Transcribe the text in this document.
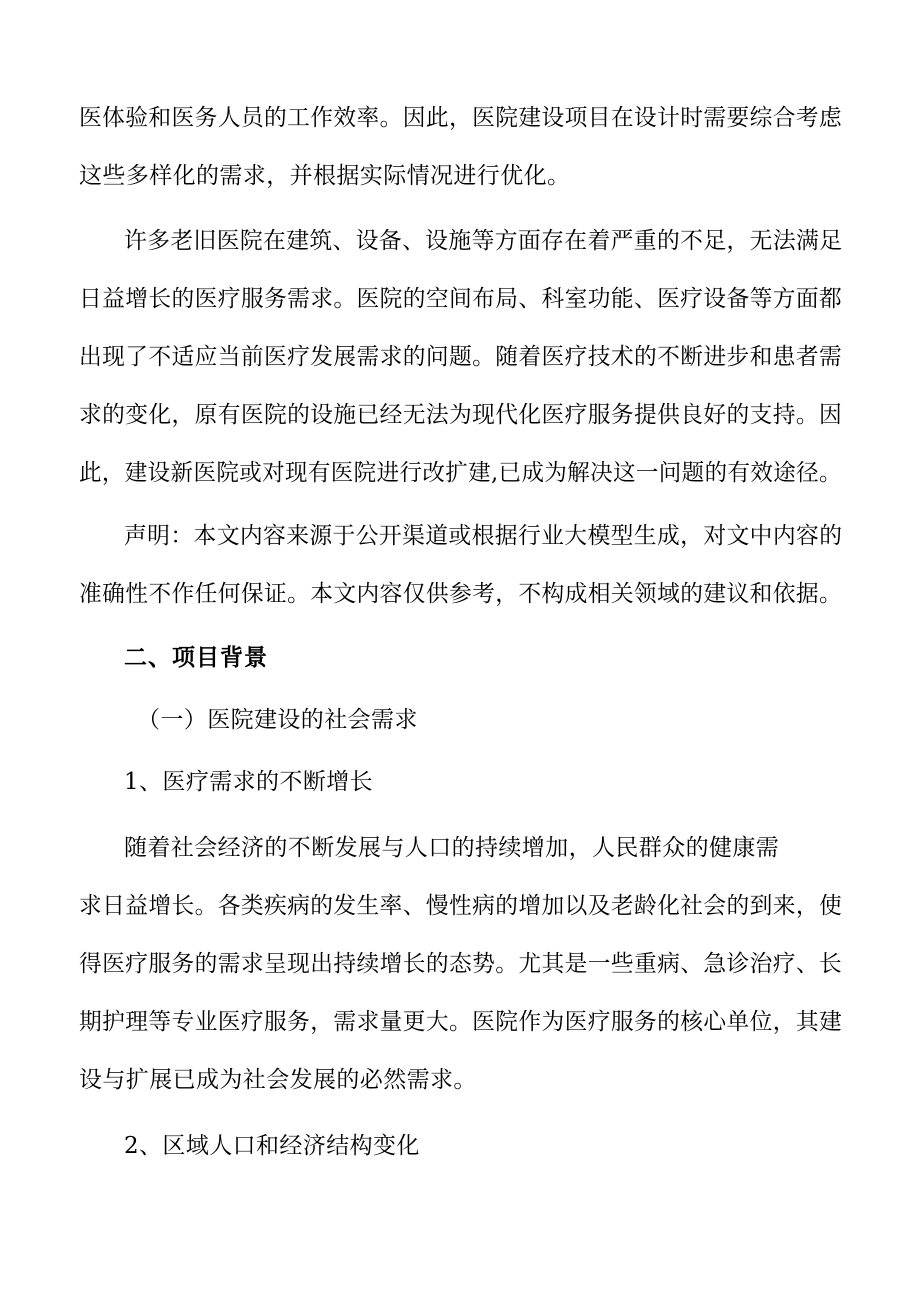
医体验和医务人员的工作效率。因此，医院建设项目在设计时需要综合考虑
这些多样化的需求，并根据实际情况进行优化。
许多老旧医院在建筑、设备、设施等方面存在着严重的不足，无法满足
日益增长的医疗服务需求。医院的空间布局、科室功能、医疗设备等方面都
出现了不适应当前医疗发展需求的问题。随着医疗技术的不断进步和患者需
求的变化，原有医院的设施已经无法为现代化医疗服务提供良好的支持。因
此，建设新医院或对现有医院进行改扩建,已成为解决这一问题的有效途径。
声明：本文内容来源于公开渠道或根据行业大模型生成，对文中内容的
准确性不作任何保证。本文内容仅供参考，不构成相关领域的建议和依据。
二、项目背景
（一）医院建设的社会需求
1、医疗需求的不断增长
随着社会经济的不断发展与人口的持续增加，人民群众的健康需
求日益增长。各类疾病的发生率、慢性病的增加以及老龄化社会的到来，使
得医疗服务的需求呈现出持续增长的态势。尤其是一些重病、急诊治疗、长
期护理等专业医疗服务，需求量更大。医院作为医疗服务的核心单位，其建
设与扩展已成为社会发展的必然需求。
2、区域人口和经济结构变化
